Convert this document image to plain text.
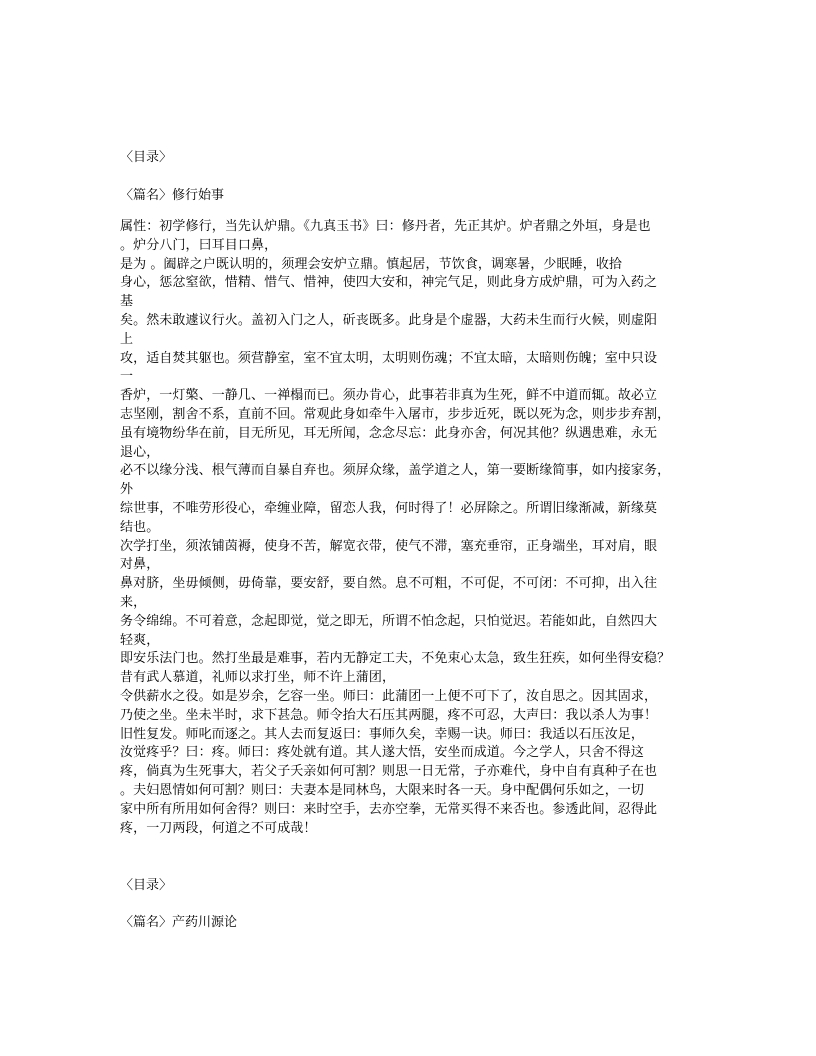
〈目录〉
〈篇名〉修行始事
属性：初学修行，当先认炉鼎。《九真玉书》曰：修丹者，先正其炉。炉者鼎之外垣，身是也
。炉分八门，曰耳目口鼻，
是为 。阖辟之户既认明的，须理会安炉立鼎。慎起居，节饮食，调寒暑，少眠睡，收拾
身心，惩忿窒欲，惜精、惜气、惜神，使四大安和，神完气足，则此身方成炉鼎，可为入药之
基
矣。然未敢遽议行火。盖初入门之人，斫丧既多。此身是个虚器，大药未生而行火候，则虚阳
上
攻，适自焚其躯也。须营静室，室不宜太明，太明则伤魂；不宜太暗，太暗则伤魄；室中只设
一
香炉，一灯檠、一静几、一禅榻而已。须办肯心，此事若非真为生死，鲜不中道而辄。故必立
志坚刚，割舍不系，直前不回。常观此身如牵牛入屠市，步步近死，既以死为念，则步步弃割，
虽有境物纷华在前，目无所见，耳无所闻，念念尽忘：此身亦舍，何况其他？纵遇患难，永无
退心，
必不以缘分浅、根气薄而自暴自弃也。须屏众缘，盖学道之人，第一要断缘简事，如内接家务，
外
综世事，不唯劳形役心，牵缠业障，留恋人我，何时得了！必屏除之。所谓旧缘渐减，新缘莫
结也。
次学打坐，须浓铺茵褥，使身不苦，解宽衣带，使气不滞，塞充垂帘，正身端坐，耳对肩，眼
对鼻，
鼻对脐，坐毋倾侧，毋倚靠，要安舒，要自然。息不可粗，不可促，不可闭：不可抑，出入往
来，
务令绵绵。不可着意，念起即觉，觉之即无，所谓不怕念起，只怕觉迟。若能如此，自然四大
轻爽，
即安乐法门也。然打坐最是难事，若内无静定工夫，不免束心太急，致生狂疾，如何坐得安稳？
昔有武人慕道，礼师以求打坐，师不许上蒲团，
令供薪水之役。如是岁余，乞容一坐。师曰：此蒲团一上便不可下了，汝自思之。因其固求，
乃使之坐。坐未半时，求下甚急。师令抬大石压其两腿，疼不可忍，大声曰：我以杀人为事！
旧性复发。师叱而逐之。其人去而复返曰：事师久矣，幸赐一诀。师曰：我适以石压汝足，
汝觉疼乎？曰：疼。师曰：疼处就有道。其人遂大悟，安坐而成道。今之学人，只舍不得这
疼，倘真为生死事大，若父子夭亲如何可割？则思一日无常，子亦难代，身中自有真种子在也
。夫妇恩情如何可割？则曰：夫妻本是同林鸟，大限来时各一天。身中配偶何乐如之，一切
家中所有所用如何舍得？则曰：来时空手，去亦空拳，无常买得不来否也。参透此间，忍得此
疼，一刀两段，何道之不可成哉！
〈目录〉
〈篇名〉产药川源论
